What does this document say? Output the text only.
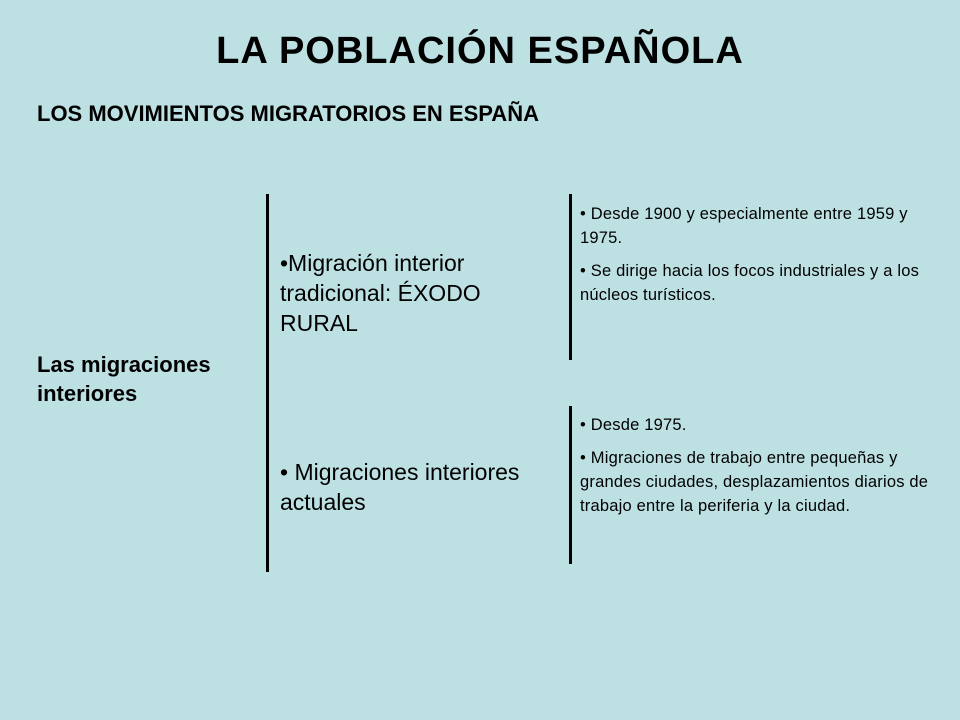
LA POBLACIÓN ESPAÑOLA
LOS MOVIMIENTOS MIGRATORIOS EN ESPAÑA
Las migraciones interiores
•Migración interior tradicional: ÉXODO RURAL
• Migraciones interiores actuales

• Desde 1900 y especialmente entre 1959 y 1975.

• Se dirige hacia los focos industriales y a los núcleos turísticos.

• Desde 1975.

• Migraciones de trabajo entre pequeñas y grandes ciudades, desplazamientos diarios de trabajo entre la periferia y la ciudad.
